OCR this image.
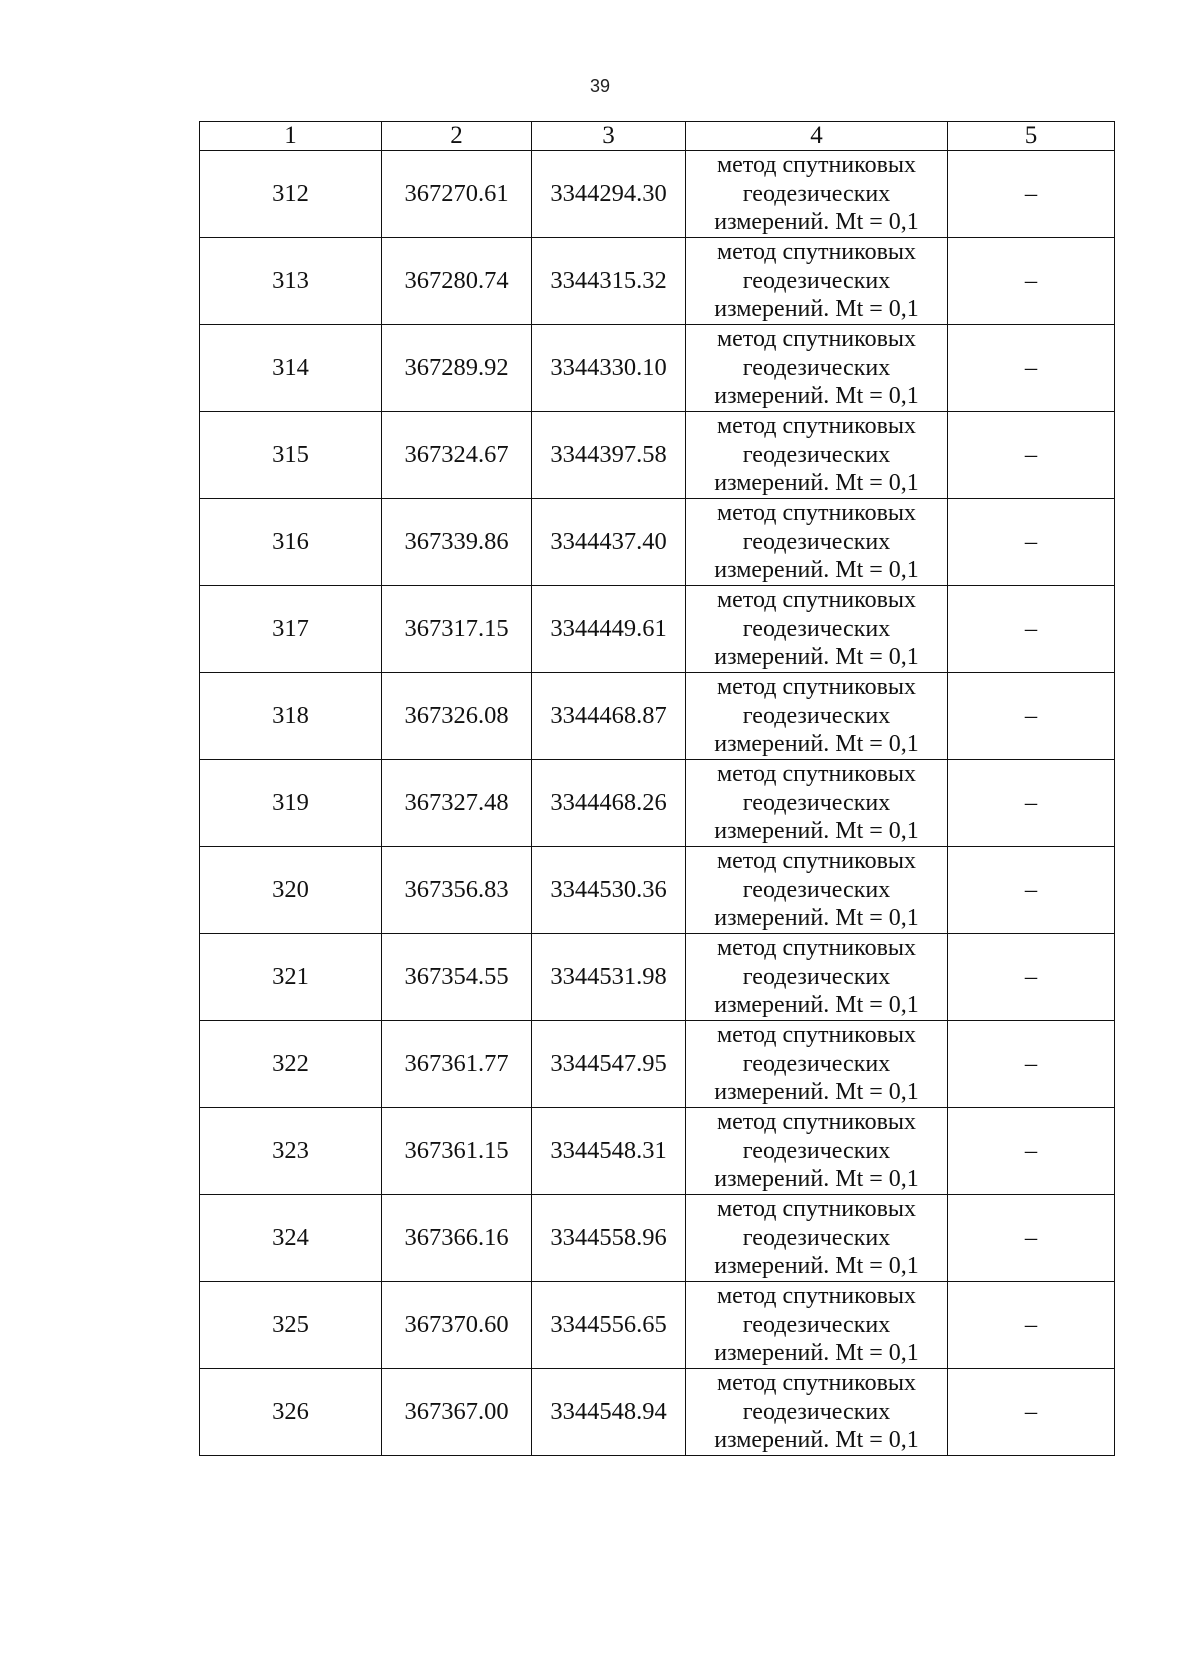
39
1	2	3	4	5
312	367270.61	3344294.30	метод спутниковых геодезических измерений. Mt = 0,1	–
313	367280.74	3344315.32	метод спутниковых геодезических измерений. Mt = 0,1	–
314	367289.92	3344330.10	метод спутниковых геодезических измерений. Mt = 0,1	–
315	367324.67	3344397.58	метод спутниковых геодезических измерений. Mt = 0,1	–
316	367339.86	3344437.40	метод спутниковых геодезических измерений. Mt = 0,1	–
317	367317.15	3344449.61	метод спутниковых геодезических измерений. Mt = 0,1	–
318	367326.08	3344468.87	метод спутниковых геодезических измерений. Mt = 0,1	–
319	367327.48	3344468.26	метод спутниковых геодезических измерений. Mt = 0,1	–
320	367356.83	3344530.36	метод спутниковых геодезических измерений. Mt = 0,1	–
321	367354.55	3344531.98	метод спутниковых геодезических измерений. Mt = 0,1	–
322	367361.77	3344547.95	метод спутниковых геодезических измерений. Mt = 0,1	–
323	367361.15	3344548.31	метод спутниковых геодезических измерений. Mt = 0,1	–
324	367366.16	3344558.96	метод спутниковых геодезических измерений. Mt = 0,1	–
325	367370.60	3344556.65	метод спутниковых геодезических измерений. Mt = 0,1	–
326	367367.00	3344548.94	метод спутниковых геодезических измерений. Mt = 0,1	–
